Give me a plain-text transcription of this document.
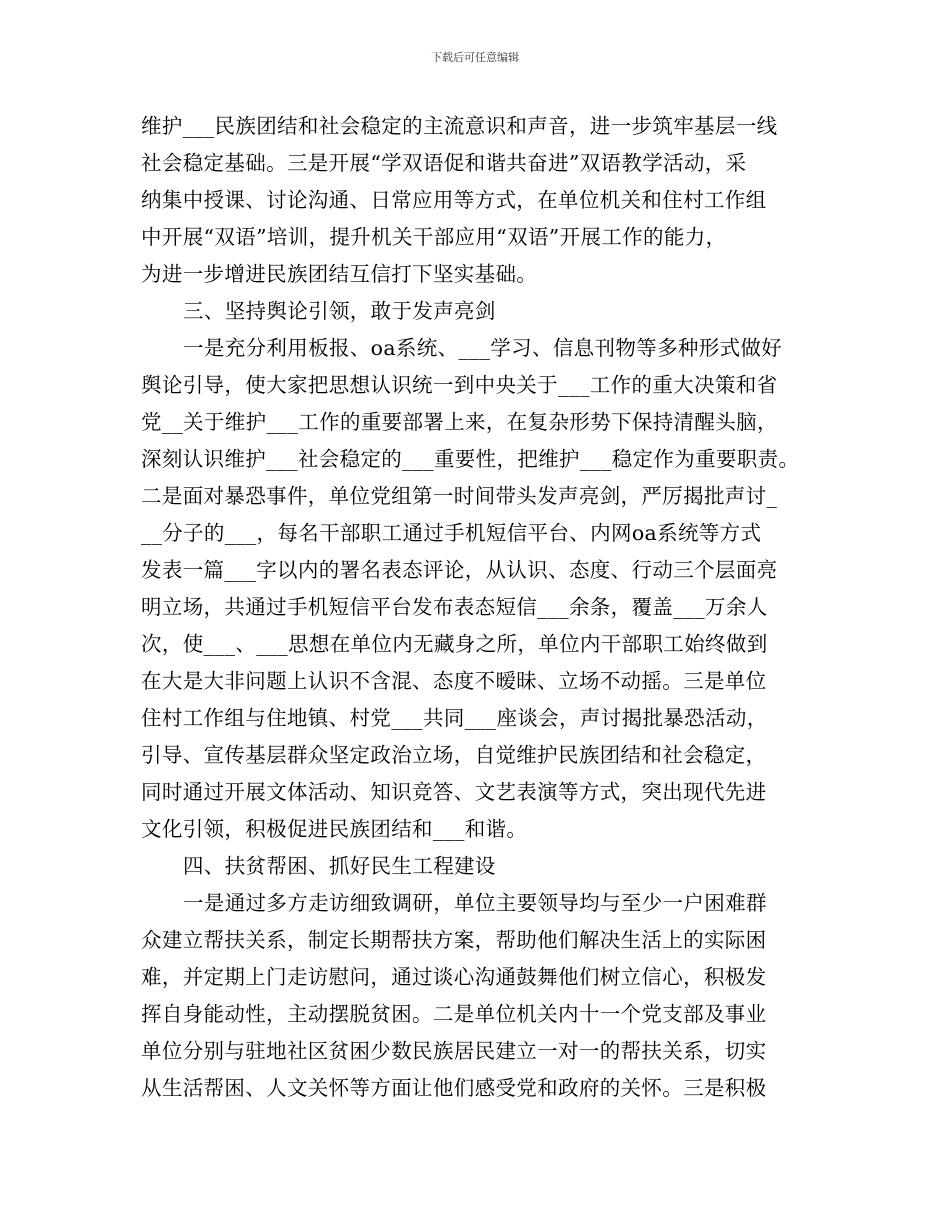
下载后可任意编辑
维护___民族团结和社会稳定的主流意识和声音，进一步筑牢基层一线
社会稳定基础。三是开展“学双语促和谐共奋进”双语教学活动，采
纳集中授课、讨论沟通、日常应用等方式，在单位机关和住村工作组
中开展“双语”培训，提升机关干部应用“双语”开展工作的能力，
为进一步增进民族团结互信打下坚实基础。
三、坚持舆论引领，敢于发声亮剑
一是充分利用板报、oa系统、___学习、信息刊物等多种形式做好
舆论引导，使大家把思想认识统一到中央关于___工作的重大决策和省
党__关于维护___工作的重要部署上来，在复杂形势下保持清醒头脑，
深刻认识维护___社会稳定的___重要性，把维护___稳定作为重要职责。
二是面对暴恐事件，单位党组第一时间带头发声亮剑，严厉揭批声讨_
__分子的___，每名干部职工通过手机短信平台、内网oa系统等方式
发表一篇___字以内的署名表态评论，从认识、态度、行动三个层面亮
明立场，共通过手机短信平台发布表态短信___余条，覆盖___万余人
次，使___、___思想在单位内无藏身之所，单位内干部职工始终做到
在大是大非问题上认识不含混、态度不暧昧、立场不动摇。三是单位
住村工作组与住地镇、村党___共同___座谈会，声讨揭批暴恐活动，
引导、宣传基层群众坚定政治立场，自觉维护民族团结和社会稳定，
同时通过开展文体活动、知识竞答、文艺表演等方式，突出现代先进
文化引领，积极促进民族团结和___和谐。
四、扶贫帮困、抓好民生工程建设
一是通过多方走访细致调研，单位主要领导均与至少一户困难群
众建立帮扶关系，制定长期帮扶方案，帮助他们解决生活上的实际困
难，并定期上门走访慰问，通过谈心沟通鼓舞他们树立信心，积极发
挥自身能动性，主动摆脱贫困。二是单位机关内十一个党支部及事业
单位分别与驻地社区贫困少数民族居民建立一对一的帮扶关系，切实
从生活帮困、人文关怀等方面让他们感受党和政府的关怀。三是积极
